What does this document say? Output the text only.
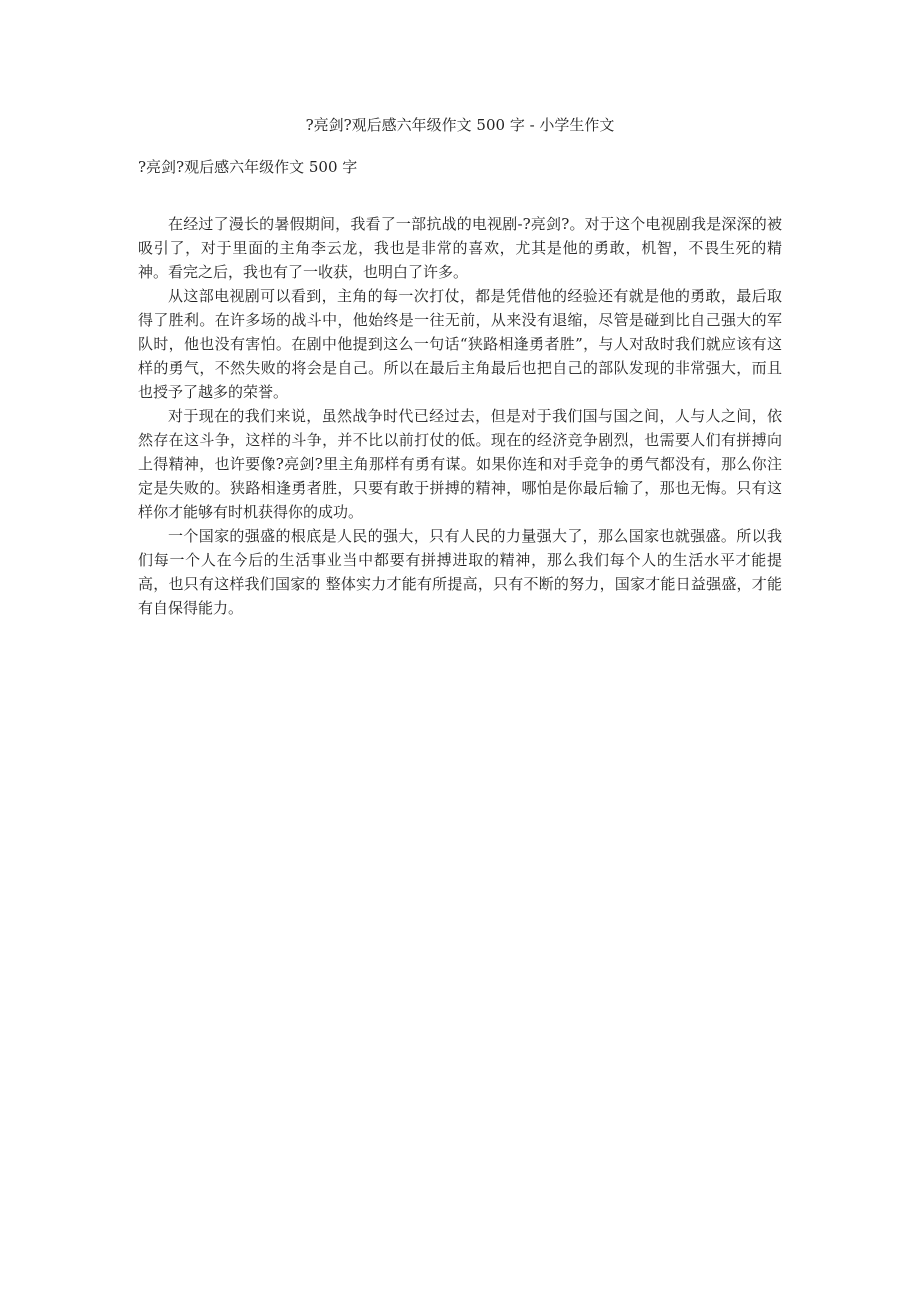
?亮剑?观后感六年级作文 500 字 - 小学生作文
?亮剑?观后感六年级作文 500 字

在经过了漫长的暑假期间，我看了一部抗战的电视剧-?亮剑?。对于这个电视剧我是深深的被吸引了，对于里面的主角李云龙，我也是非常的喜欢，尤其是他的勇敢，机智，不畏生死的精神。看完之后，我也有了一收获，也明白了许多。

从这部电视剧可以看到，主角的每一次打仗，都是凭借他的经验还有就是他的勇敢，最后取得了胜利。在许多场的战斗中，他始终是一往无前，从来没有退缩，尽管是碰到比自己强大的军队时，他也没有害怕。在剧中他提到这么一句话“狭路相逢勇者胜”，与人对敌时我们就应该有这样的勇气，不然失败的将会是自己。所以在最后主角最后也把自己的部队发现的非常强大，而且也授予了越多的荣誉。

对于现在的我们来说，虽然战争时代已经过去，但是对于我们国与国之间，人与人之间，依然存在这斗争，这样的斗争，并不比以前打仗的低。现在的经济竞争剧烈，也需要人们有拼搏向上得精神，也许要像?亮剑?里主角那样有勇有谋。如果你连和对手竞争的勇气都没有，那么你注定是失败的。狭路相逢勇者胜，只要有敢于拼搏的精神，哪怕是你最后输了，那也无悔。只有这样你才能够有时机获得你的成功。

一个国家的强盛的根底是人民的强大，只有人民的力量强大了，那么国家也就强盛。所以我们每一个人在今后的生活事业当中都要有拼搏进取的精神，那么我们每个人的生活水平才能提高，也只有这样我们国家的 整体实力才能有所提高，只有不断的努力，国家才能日益强盛，才能有自保得能力。
